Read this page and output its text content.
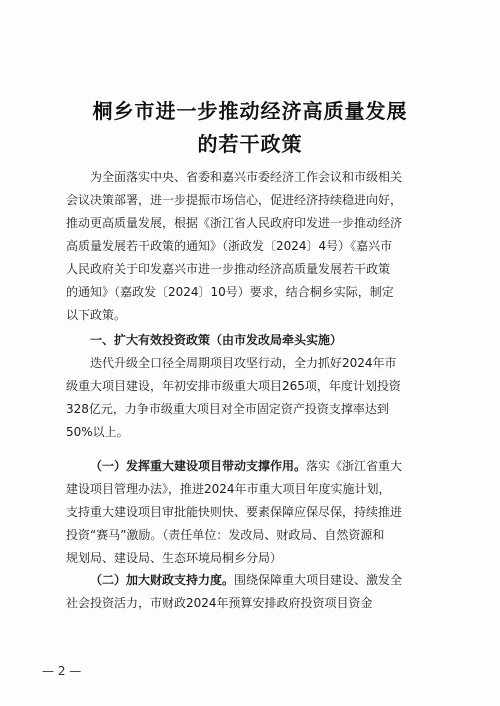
桐乡市进一步推动经济高质量发展
的若干政策
为全面落实中央、省委和嘉兴市委经济工作会议和市级相关
会议决策部署，进一步提振市场信心，促进经济持续稳进向好，
推动更高质量发展，根据《浙江省人民政府印发进一步推动经济
高质量发展若干政策的通知》（浙政发〔2024〕4号）《嘉兴市
人民政府关于印发嘉兴市进一步推动经济高质量发展若干政策
的通知》（嘉政发〔2024〕10号）要求，结合桐乡实际，制定
以下政策。
一、扩大有效投资政策（由市发改局牵头实施）
迭代升级全口径全周期项目攻坚行动，全力抓好2024年市
级重大项目建设，年初安排市级重大项目265项，年度计划投资
328亿元，力争市级重大项目对全市固定资产投资支撑率达到
50%以上。
（一）发挥重大建设项目带动支撑作用。落实《浙江省重大
建设项目管理办法》，推进2024年市重大项目年度实施计划，
支持重大建设项目审批能快则快、要素保障应保尽保，持续推进
投资“赛马”激励。（责任单位：发改局、财政局、自然资源和
规划局、建设局、生态环境局桐乡分局）
（二）加大财政支持力度。围绕保障重大项目建设、激发全
社会投资活力，市财政2024年预算安排政府投资项目资金
— 2 —
